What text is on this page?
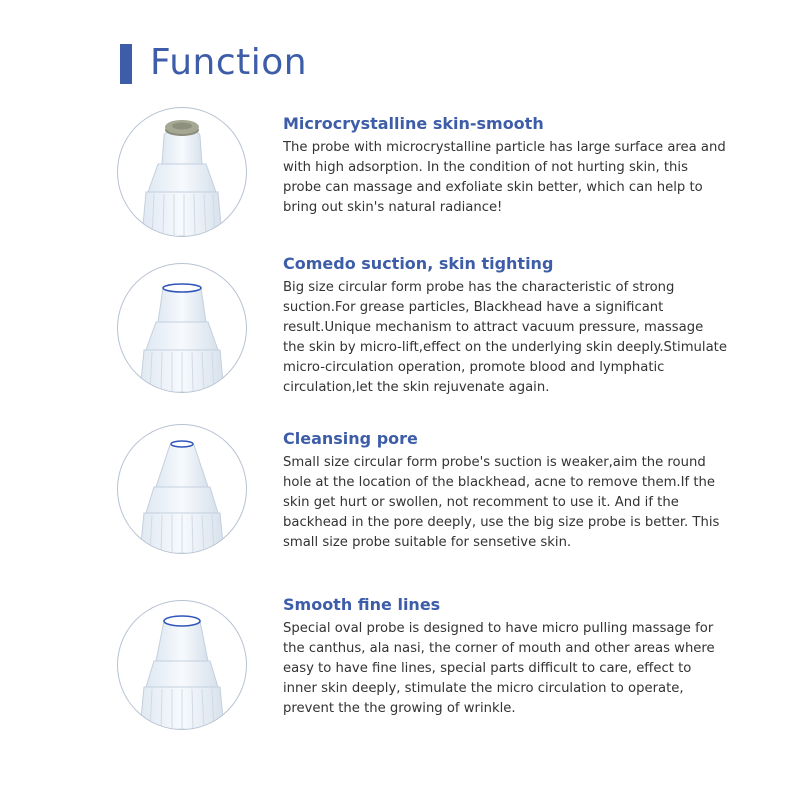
Function
Microcrystalline skin-smooth
The probe with microcrystalline particle has large surface area and with high adsorption. In the condition of not hurting skin, this probe can massage and exfoliate skin better, which can help to bring out skin's natural radiance!
Comedo suction, skin tighting
Big size circular form probe has the characteristic of strong suction.For grease particles, Blackhead have a significant result.Unique mechanism to attract vacuum pressure, massage the skin by micro-lift,effect on the underlying skin deeply.Stimulate micro-circulation operation, promote blood and lymphatic circulation,let the skin rejuvenate again.
Cleansing pore
Small size circular form probe's suction is weaker,aim the round hole at the location of the blackhead, acne to remove them.If the skin get hurt or swollen, not recomment to use it. And if the backhead in the pore deeply, use the big size probe is better. This small size probe suitable for sensetive skin.
Smooth fine lines
Special oval probe is designed to have micro pulling massage for the canthus, ala nasi, the corner of mouth and other areas where easy to have fine lines, special parts difficult to care, effect to inner skin deeply, stimulate the micro circulation to operate, prevent the the growing of wrinkle.
